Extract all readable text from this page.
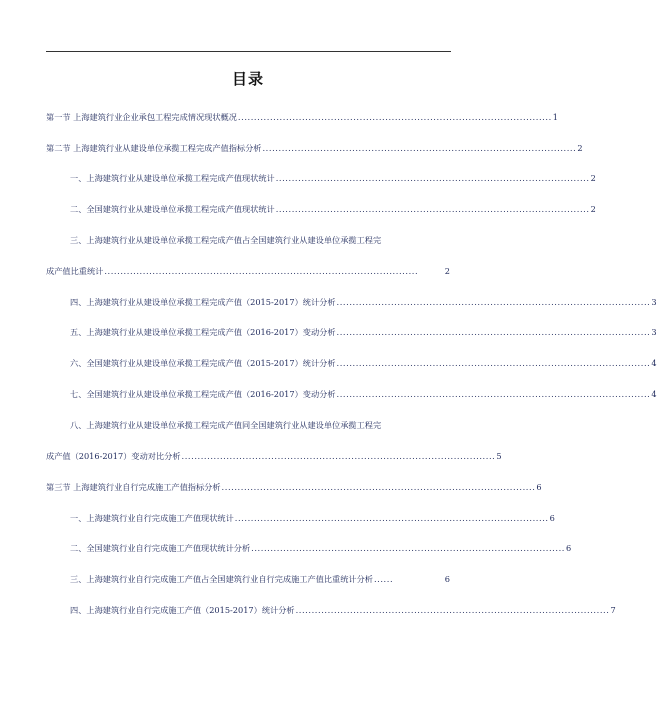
目录
第一节 上海建筑行业企业承包工程完成情况现状概况 .................................................................................................. 1
第二节 上海建筑行业从建设单位承揽工程完成产值指标分析 .................................................................................................. 2
一、上海建筑行业从建设单位承揽工程完成产值现状统计 .................................................................................................. 2
二、全国建筑行业从建设单位承揽工程完成产值现状统计 .................................................................................................. 2
三、上海建筑行业从建设单位承揽工程完成产值占全国建筑行业从建设单位承揽工程完
成产值比重统计 ..................................................................................................	2
四、上海建筑行业从建设单位承揽工程完成产值（2015-2017）统计分析 .................................................................................................. 3
五、上海建筑行业从建设单位承揽工程完成产值（2016-2017）变动分析 .................................................................................................. 3
六、全国建筑行业从建设单位承揽工程完成产值（2015-2017）统计分析 .................................................................................................. 4
七、全国建筑行业从建设单位承揽工程完成产值（2016-2017）变动分析 .................................................................................................. 4
八、上海建筑行业从建设单位承揽工程完成产值同全国建筑行业从建设单位承揽工程完
成产值（2016-2017）变动对比分析 .................................................................................................. 5
第三节 上海建筑行业自行完成施工产值指标分析 .................................................................................................. 6
一、上海建筑行业自行完成施工产值现状统计 .................................................................................................. 6
二、全国建筑行业自行完成施工产值现状统计分析 .................................................................................................. 6
三、上海建筑行业自行完成施工产值占全国建筑行业自行完成施工产值比重统计分析 ......	6
四、上海建筑行业自行完成施工产值（2015-2017）统计分析 .................................................................................................. 7
